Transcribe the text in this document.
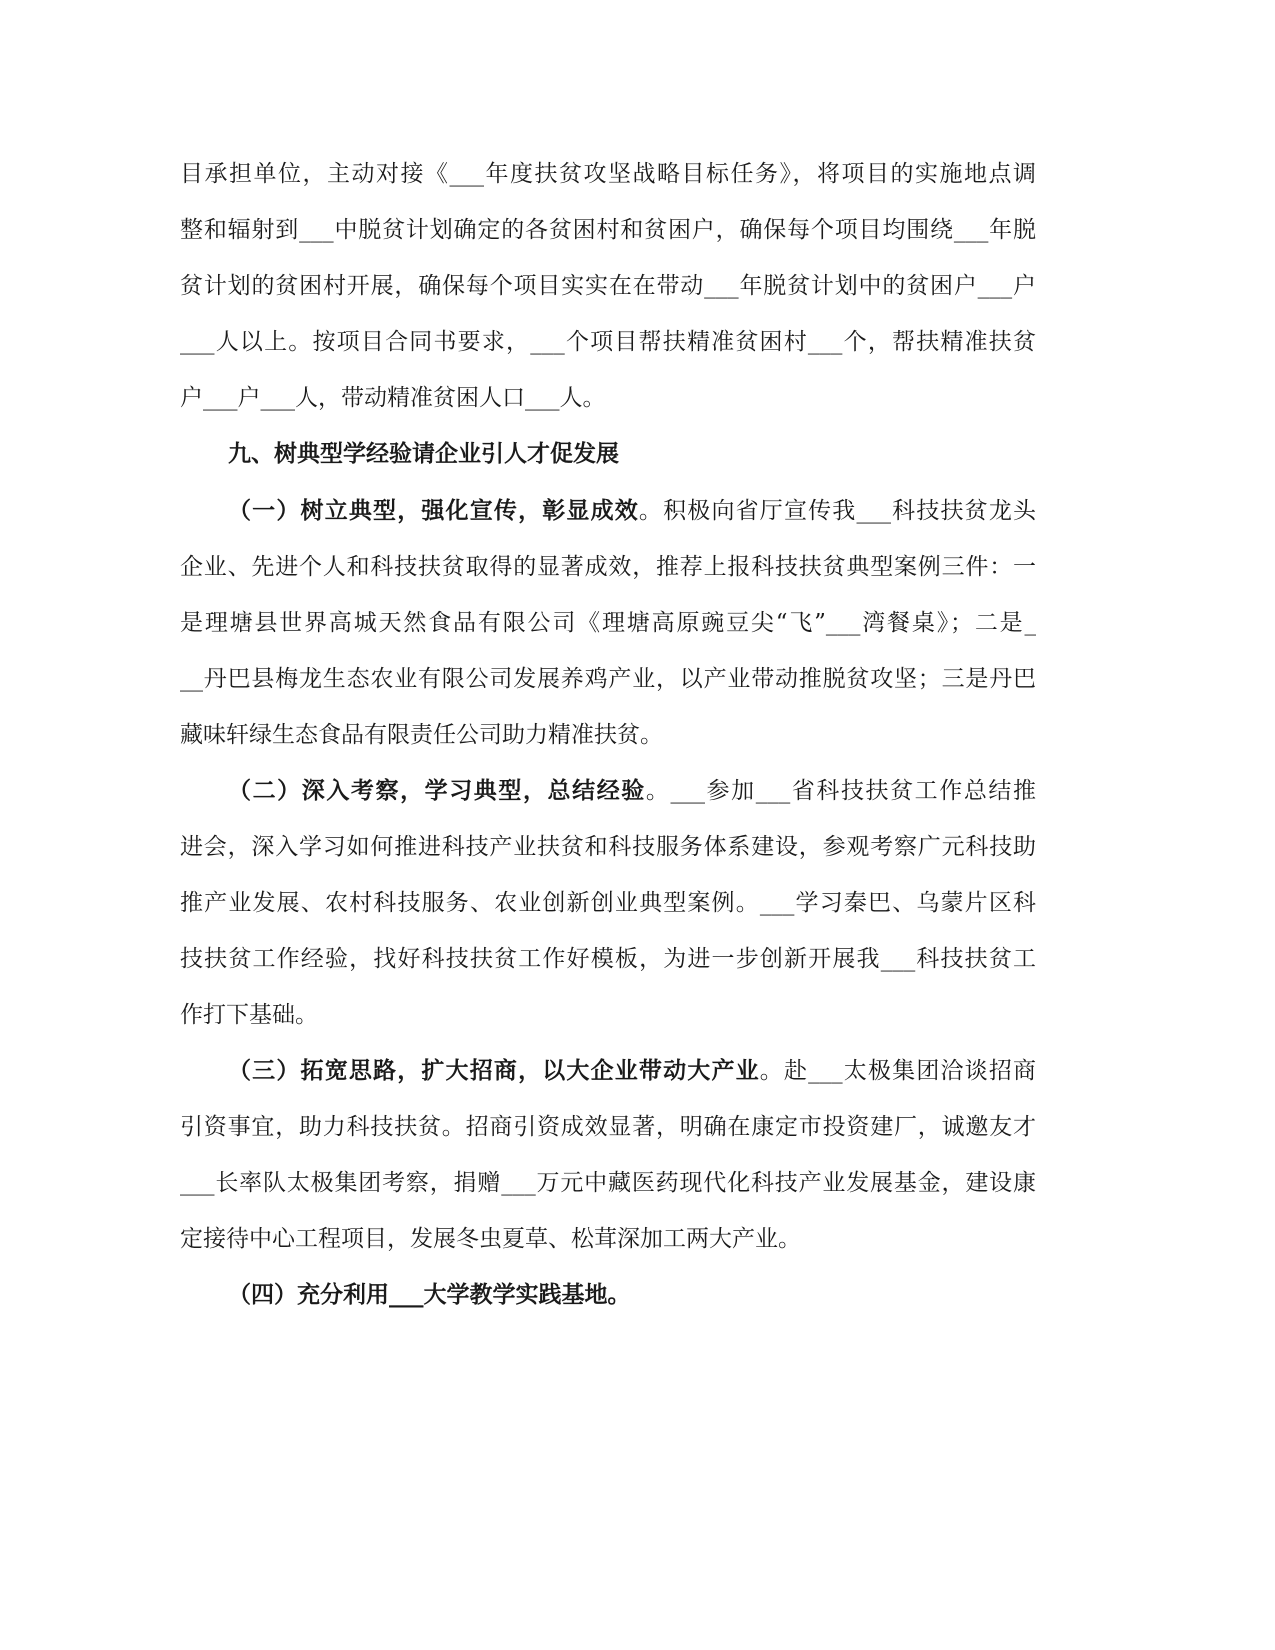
目承担单位，主动对接《___年度扶贫攻坚战略目标任务》，将项目的实施地点调
整和辐射到___中脱贫计划确定的各贫困村和贫困户，确保每个项目均围绕___年脱
贫计划的贫困村开展，确保每个项目实实在在带动___年脱贫计划中的贫困户___户
___人以上。按项目合同书要求，___个项目帮扶精准贫困村___个，帮扶精准扶贫
户___户___人，带动精准贫困人口___人。
九、树典型学经验请企业引人才促发展
（一）树立典型，强化宣传，彰显成效。积极向省厅宣传我___科技扶贫龙头
企业、先进个人和科技扶贫取得的显著成效，推荐上报科技扶贫典型案例三件：一
是理塘县世界高城天然食品有限公司《理塘高原豌豆尖“飞”___湾餐桌》；二是_
__丹巴县梅龙生态农业有限公司发展养鸡产业，以产业带动推脱贫攻坚；三是丹巴
藏味轩绿生态食品有限责任公司助力精准扶贫。
（二）深入考察，学习典型，总结经验。___参加___省科技扶贫工作总结推
进会，深入学习如何推进科技产业扶贫和科技服务体系建设，参观考察广元科技助
推产业发展、农村科技服务、农业创新创业典型案例。___学习秦巴、乌蒙片区科
技扶贫工作经验，找好科技扶贫工作好模板，为进一步创新开展我___科技扶贫工
作打下基础。
（三）拓宽思路，扩大招商，以大企业带动大产业。赴___太极集团洽谈招商
引资事宜，助力科技扶贫。招商引资成效显著，明确在康定市投资建厂，诚邀友才
___长率队太极集团考察，捐赠___万元中藏医药现代化科技产业发展基金，建设康
定接待中心工程项目，发展冬虫夏草、松茸深加工两大产业。
（四）充分利用___大学教学实践基地。
